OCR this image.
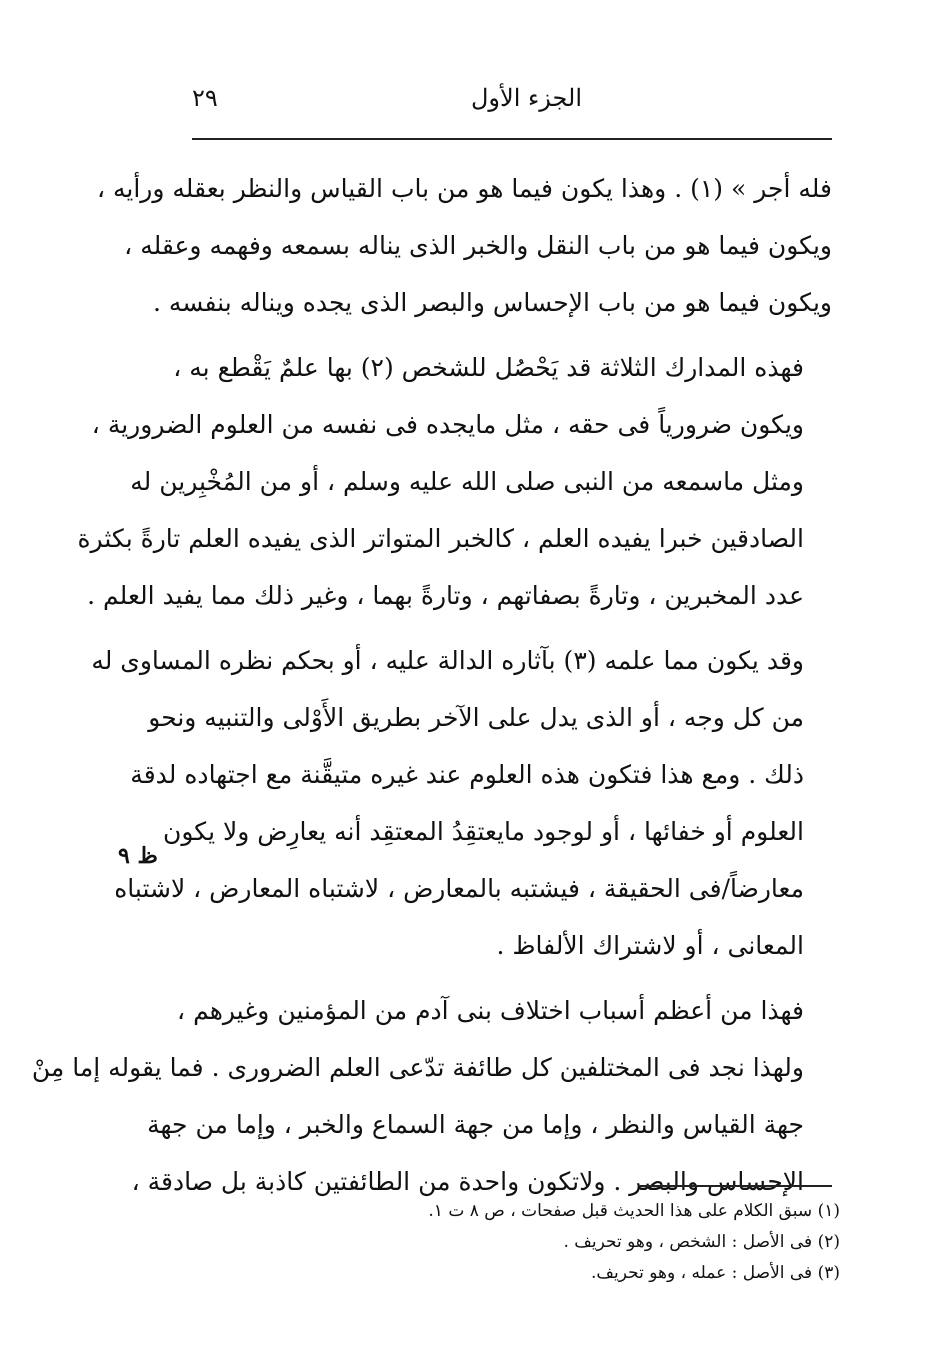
الجزء الأول
٢٩
فله أجر » (١) . وهذا يكون فيما هو من باب القياس والنظر بعقله ورأيه ،
ويكون فيما هو من باب النقل والخبر الذى يناله بسمعه وفهمه وعقله ،
ويكون فيما هو من باب الإحساس والبصر الذى يجده ويناله بنفسه .
فهذه المدارك الثلاثة قد يَحْصُل للشخص (٢) بها علمٌ يَقْطع به ،
ويكون ضرورياً فى حقه ، مثل مايجده فى نفسه من العلوم الضرورية ،
ومثل ماسمعه من النبى صلى الله عليه وسلم ، أو من المُخْبِرين له
الصادقين خبرا يفيده العلم ، كالخبر المتواتر الذى يفيده العلم تارةً بكثرة
عدد المخبرين ، وتارةً بصفاتهم ، وتارةً بهما ، وغير ذلك مما يفيد العلم .
وقد يكون مما علمه (٣) بآثاره الدالة عليه ، أو بحكم نظره المساوى له
من كل وجه ، أو الذى يدل على الآخر بطريق الأَوْلى والتنبيه ونحو
ذلك . ومع هذا فتكون هذه العلوم عند غيره متيقَّنة مع اجتهاده لدقة
العلوم أو خفائها ، أو لوجود مايعتقِدُ المعتقِد أنه يعارِض ولا يكون
معارضاً/فى الحقيقة ، فيشتبه بالمعارض ، لاشتباه المعارض ، لاشتباه
المعانى ، أو لاشتراك الألفاظ .
فهذا من أعظم أسباب اختلاف بنى آدم من المؤمنين وغيرهم ،
ولهذا نجد فى المختلفين كل طائفة تدّعى العلم الضرورى . فما يقوله إما مِنْ
جهة القياس والنظر ، وإما من جهة السماع والخبر ، وإما من جهة
الإحساس والبصر . ولاتكون واحدة من الطائفتين كاذبة بل صادقة ،
ظ ٩
(١) سبق الكلام على هذا الحديث قبل صفحات ، ص ٨ ت ١.
(٢) فى الأصل : الشخص ، وهو تحريف .
(٣) فى الأصل : عمله ، وهو تحريف.
